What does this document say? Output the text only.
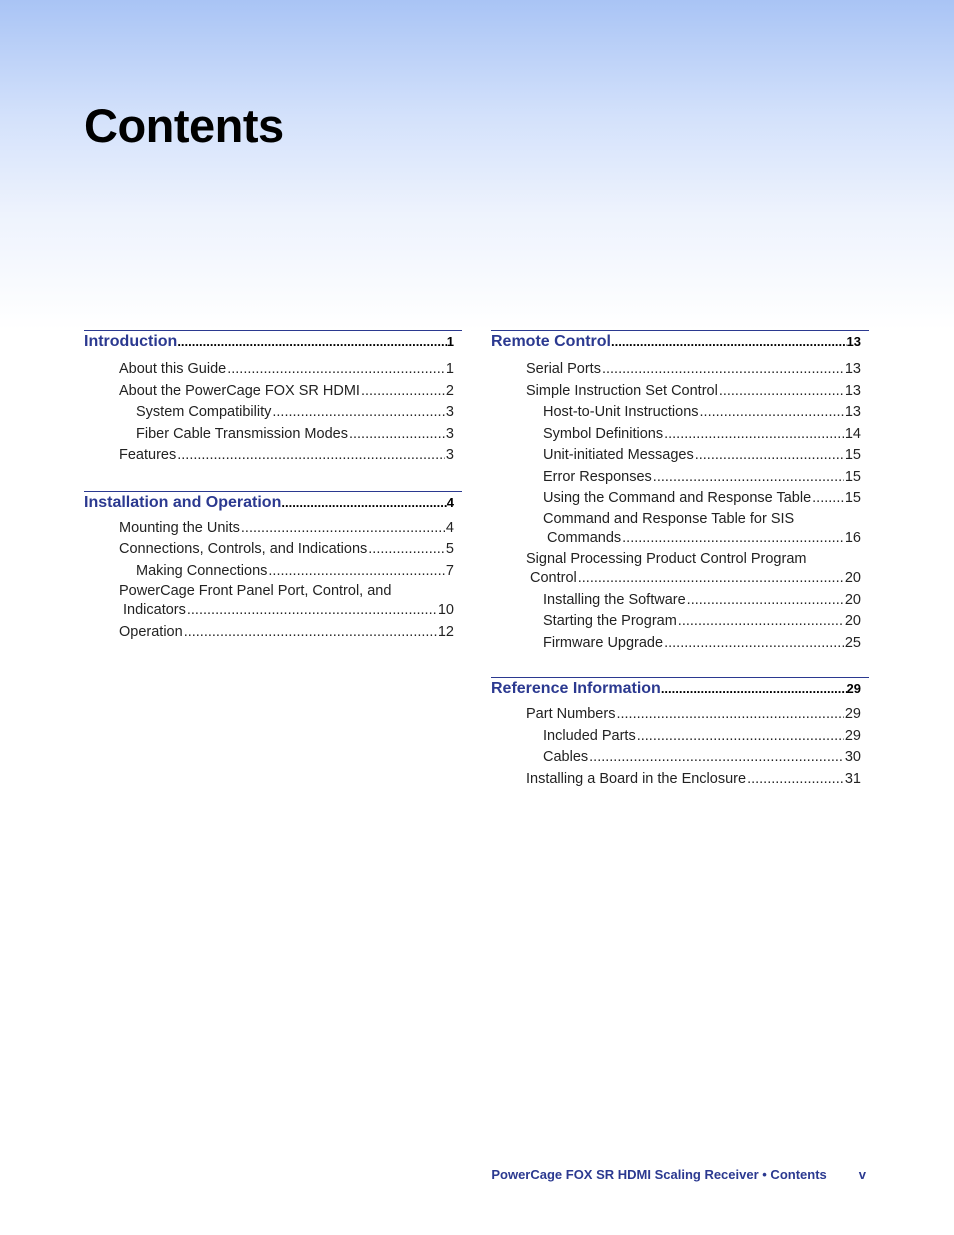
Contents
Introduction .....	1
About this Guide .....	1
About the PowerCage FOX SR HDMI .....	2
System Compatibility .....	3
Fiber Cable Transmission Modes .....	3
Features .....	3
Installation and Operation .....	4
Mounting the Units .....	4
Connections, Controls, and Indications .....	5
Making Connections .....	7
PowerCage Front Panel Port, Control, and
Indicators .....	10
Operation .....	12
Remote Control .....	13
Serial Ports .....	13
Simple Instruction Set Control .....	13
Host-to-Unit Instructions .....	13
Symbol Definitions .....	14
Unit-initiated Messages .....	15
Error Responses .....	15
Using the Command and Response Table ..... 15
Command and Response Table for SIS
Commands .....	16
Signal Processing Product Control Program
Control .....	20
Installing the Software .....	20
Starting the Program .....	20
Firmware Upgrade .....	25
Reference Information .....	29
Part Numbers .....	29
Included Parts .....	29
Cables .....	30
Installing a Board in the Enclosure .....	31
PowerCage FOX SR HDMI Scaling Receiver • Contents v
